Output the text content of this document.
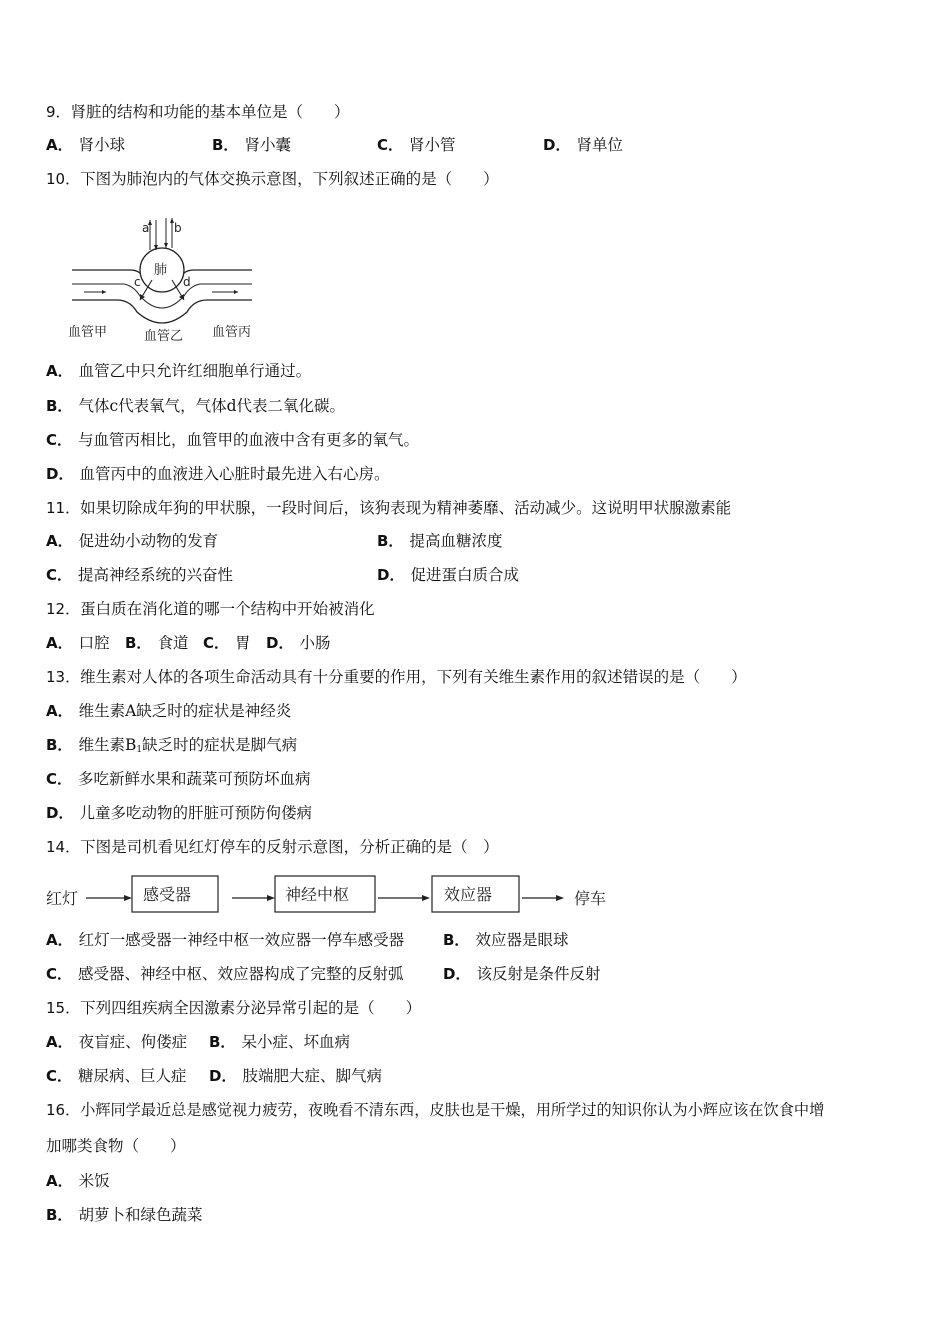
9．肾脏的结构和功能的基本单位是（　　）
A． 肾小球	B． 肾小囊	C． 肾小管	D． 肾单位
10．下图为肺泡内的气体交换示意图，下列叙述正确的是（　　）
a b
肺
c	d
血管甲	血管乙 血管丙
A． 血管乙中只允许红细胞单行通过。
B． 气体c代表氧气，气体d代表二氧化碳。
C． 与血管丙相比，血管甲的血液中含有更多的氧气。
D． 血管丙中的血液进入心脏时最先进入右心房。
11．如果切除成年狗的甲状腺，一段时间后，该狗表现为精神萎靡、活动减少。这说明甲状腺激素能
A． 促进幼小动物的发育	B． 提高血糖浓度
C． 提高神经系统的兴奋性	D． 促进蛋白质合成
12．蛋白质在消化道的哪一个结构中开始被消化
A． 口腔 B． 食道 C． 胃 D． 小肠
13．维生素对人体的各项生命活动具有十分重要的作用，下列有关维生素作用的叙述错误的是（　　）
A． 维生素A缺乏时的症状是神经炎
B． 维生素$B_1$缺乏时的症状是脚气病
C． 多吃新鲜水果和蔬菜可预防坏血病
D． 儿童多吃动物的肝脏可预防佝偻病
14．下图是司机看见红灯停车的反射示意图，分析正确的是（　）
红灯	感受器	神经中枢	效应器	停车
A． 红灯一感受器一神经中枢一效应器一停车感受器	B． 效应器是眼球
C． 感受器、神经中枢、效应器构成了完整的反射弧	D． 该反射是条件反射
15．下列四组疾病全因激素分泌异常引起的是（　　）
A． 夜盲症、佝偻症 B． 呆小症、坏血病
C． 糖尿病、巨人症 D． 肢端肥大症、脚气病
16．小辉同学最近总是感觉视力疲劳，夜晚看不清东西，皮肤也是干燥，用所学过的知识你认为小辉应该在饮食中增
加哪类食物（　　）
A． 米饭
B． 胡萝卜和绿色蔬菜
